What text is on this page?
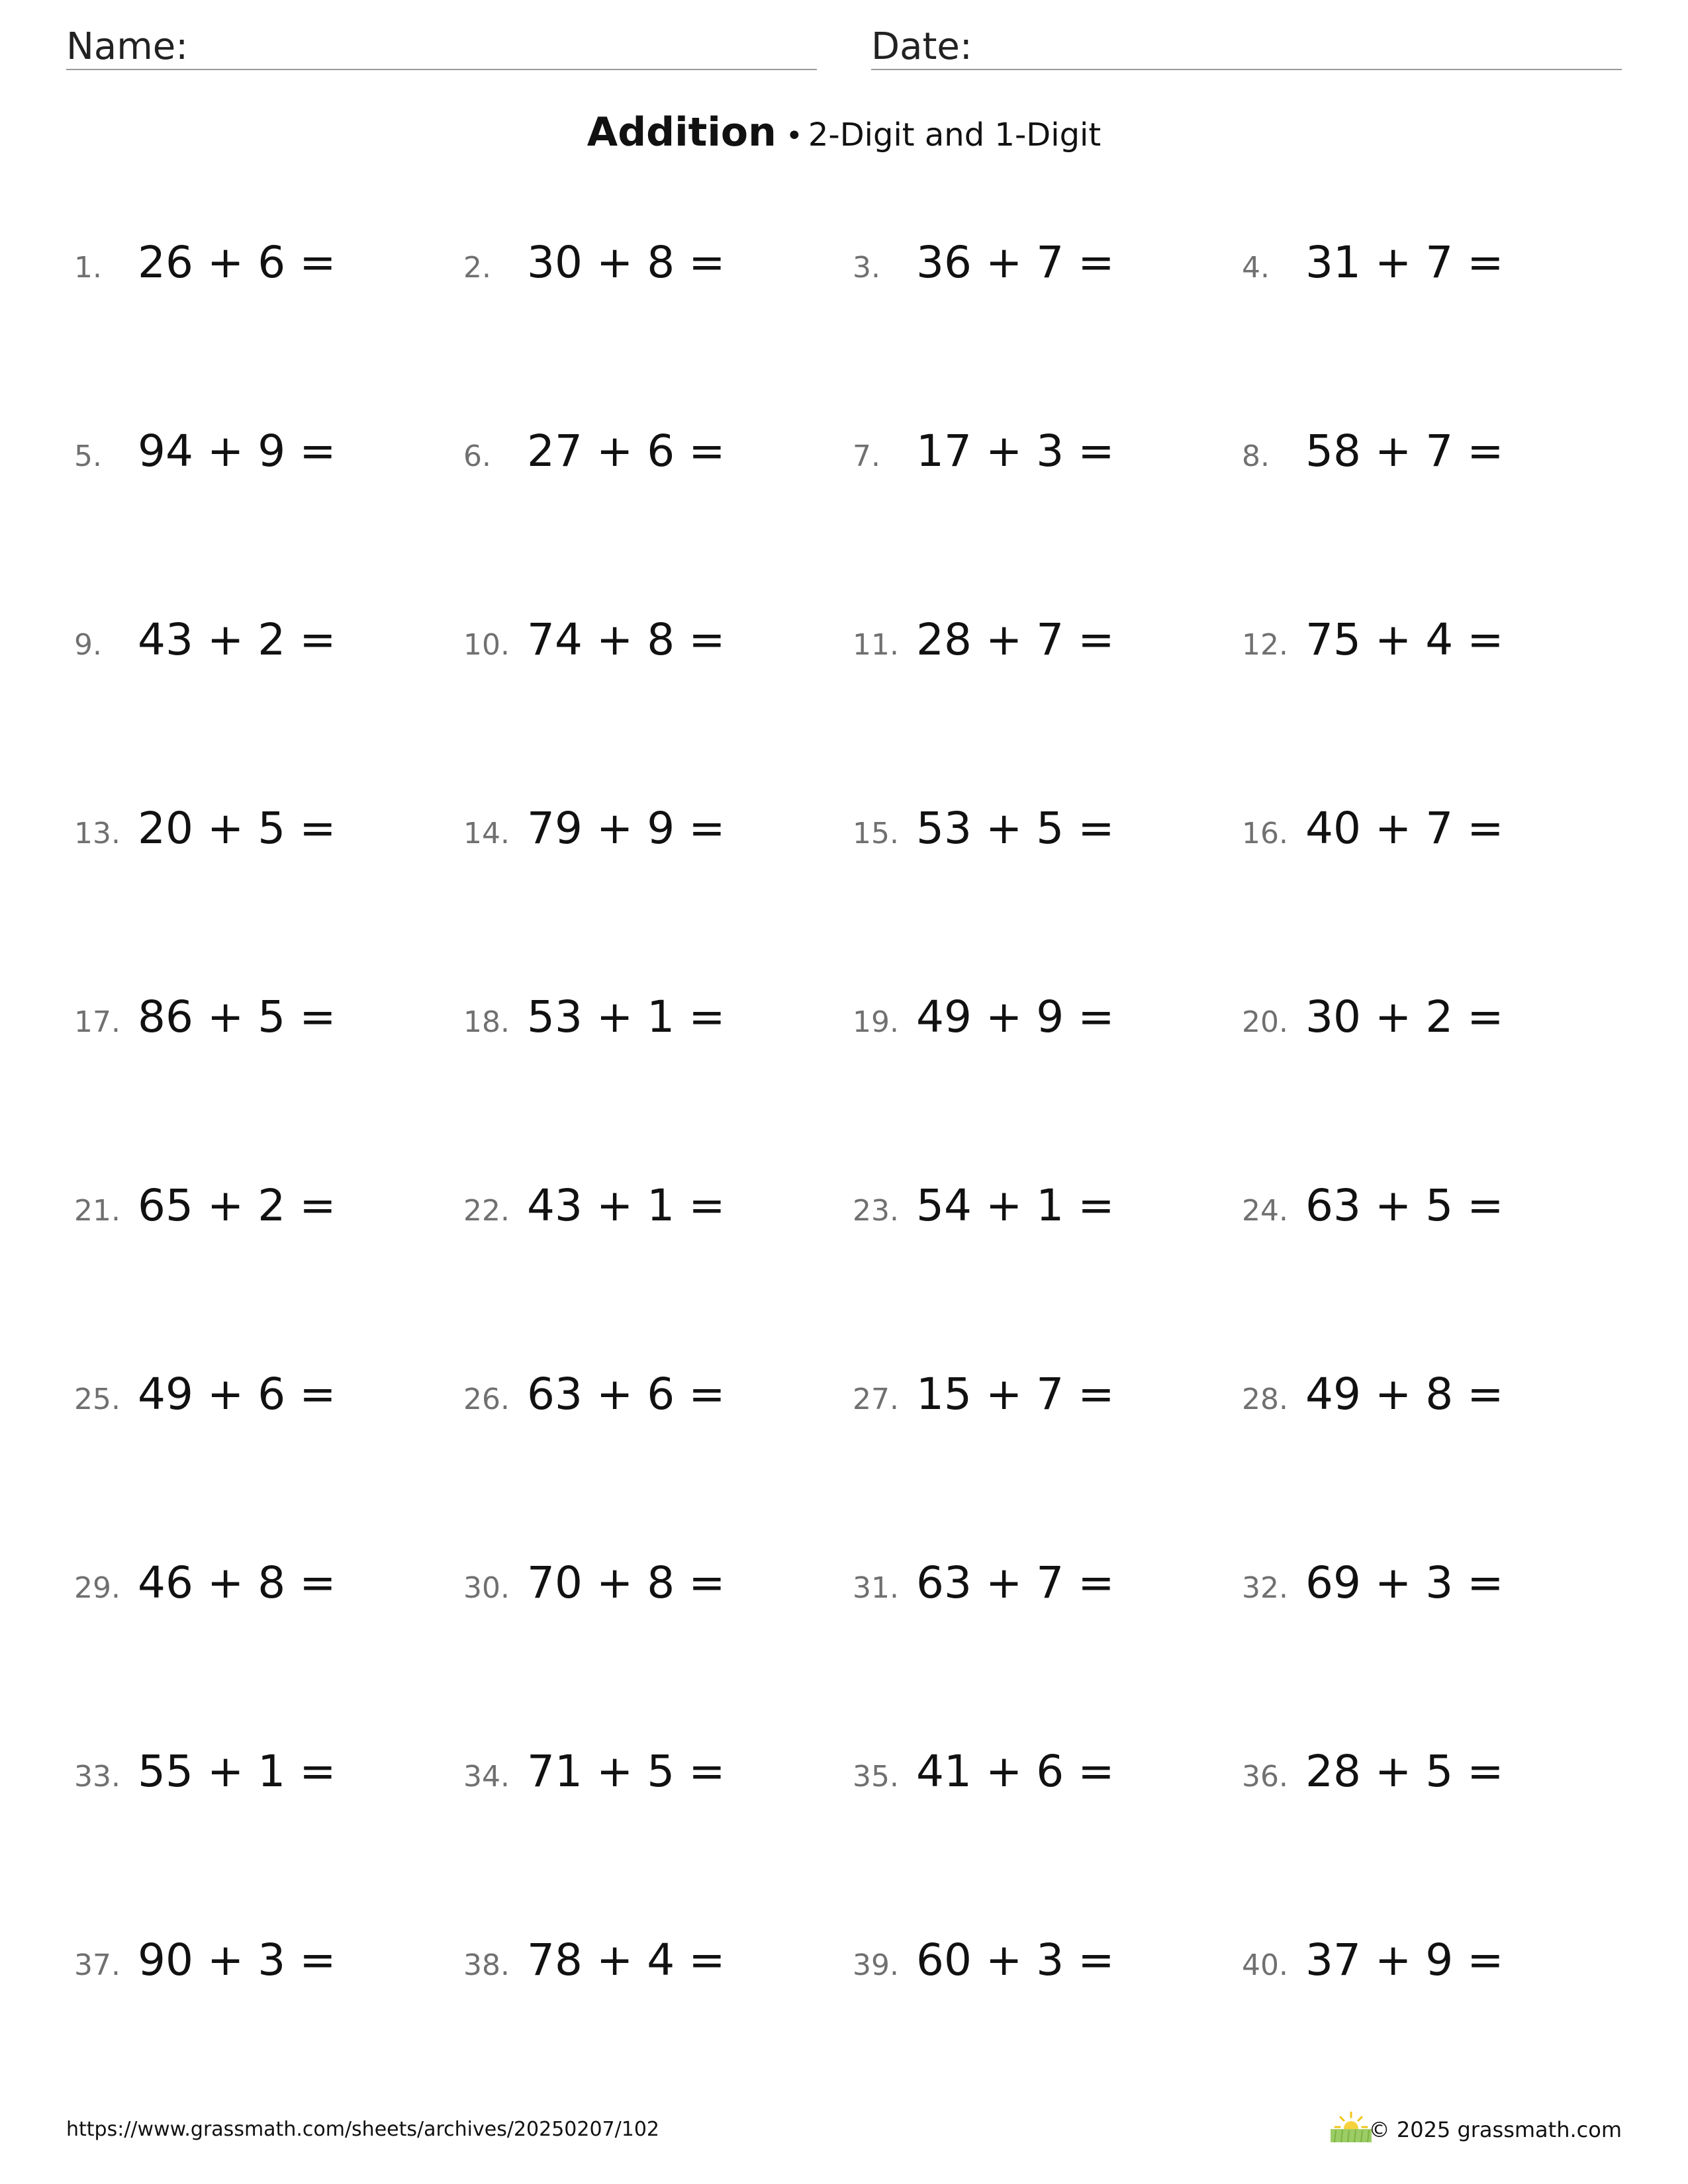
Name:	Date:
Addition • 2-Digit and 1-Digit
1. 26 + 6 =	2. 30 + 8 =	3. 36 + 7 =	4. 31 + 7 =
5. 94 + 9 =	6. 27 + 6 =	7. 17 + 3 =	8. 58 + 7 =
9. 43 + 2 =	10. 74 + 8 =	11. 28 + 7 =	12. 75 + 4 =
13. 20 + 5 =	14. 79 + 9 =	15. 53 + 5 =	16. 40 + 7 =
17. 86 + 5 =	18. 53 + 1 =	19. 49 + 9 =	20. 30 + 2 =
21. 65 + 2 =	22. 43 + 1 =	23. 54 + 1 =	24. 63 + 5 =
25. 49 + 6 =	26. 63 + 6 =	27. 15 + 7 =	28. 49 + 8 =
29. 46 + 8 =	30. 70 + 8 =	31. 63 + 7 =	32. 69 + 3 =
33. 55 + 1 =	34. 71 + 5 =	35. 41 + 6 =	36. 28 + 5 =
37. 90 + 3 =	38. 78 + 4 =	39. 60 + 3 =	40. 37 + 9 =
https://www.grassmath.com/sheets/archives/20250207/102	© 2025 grassmath.com
